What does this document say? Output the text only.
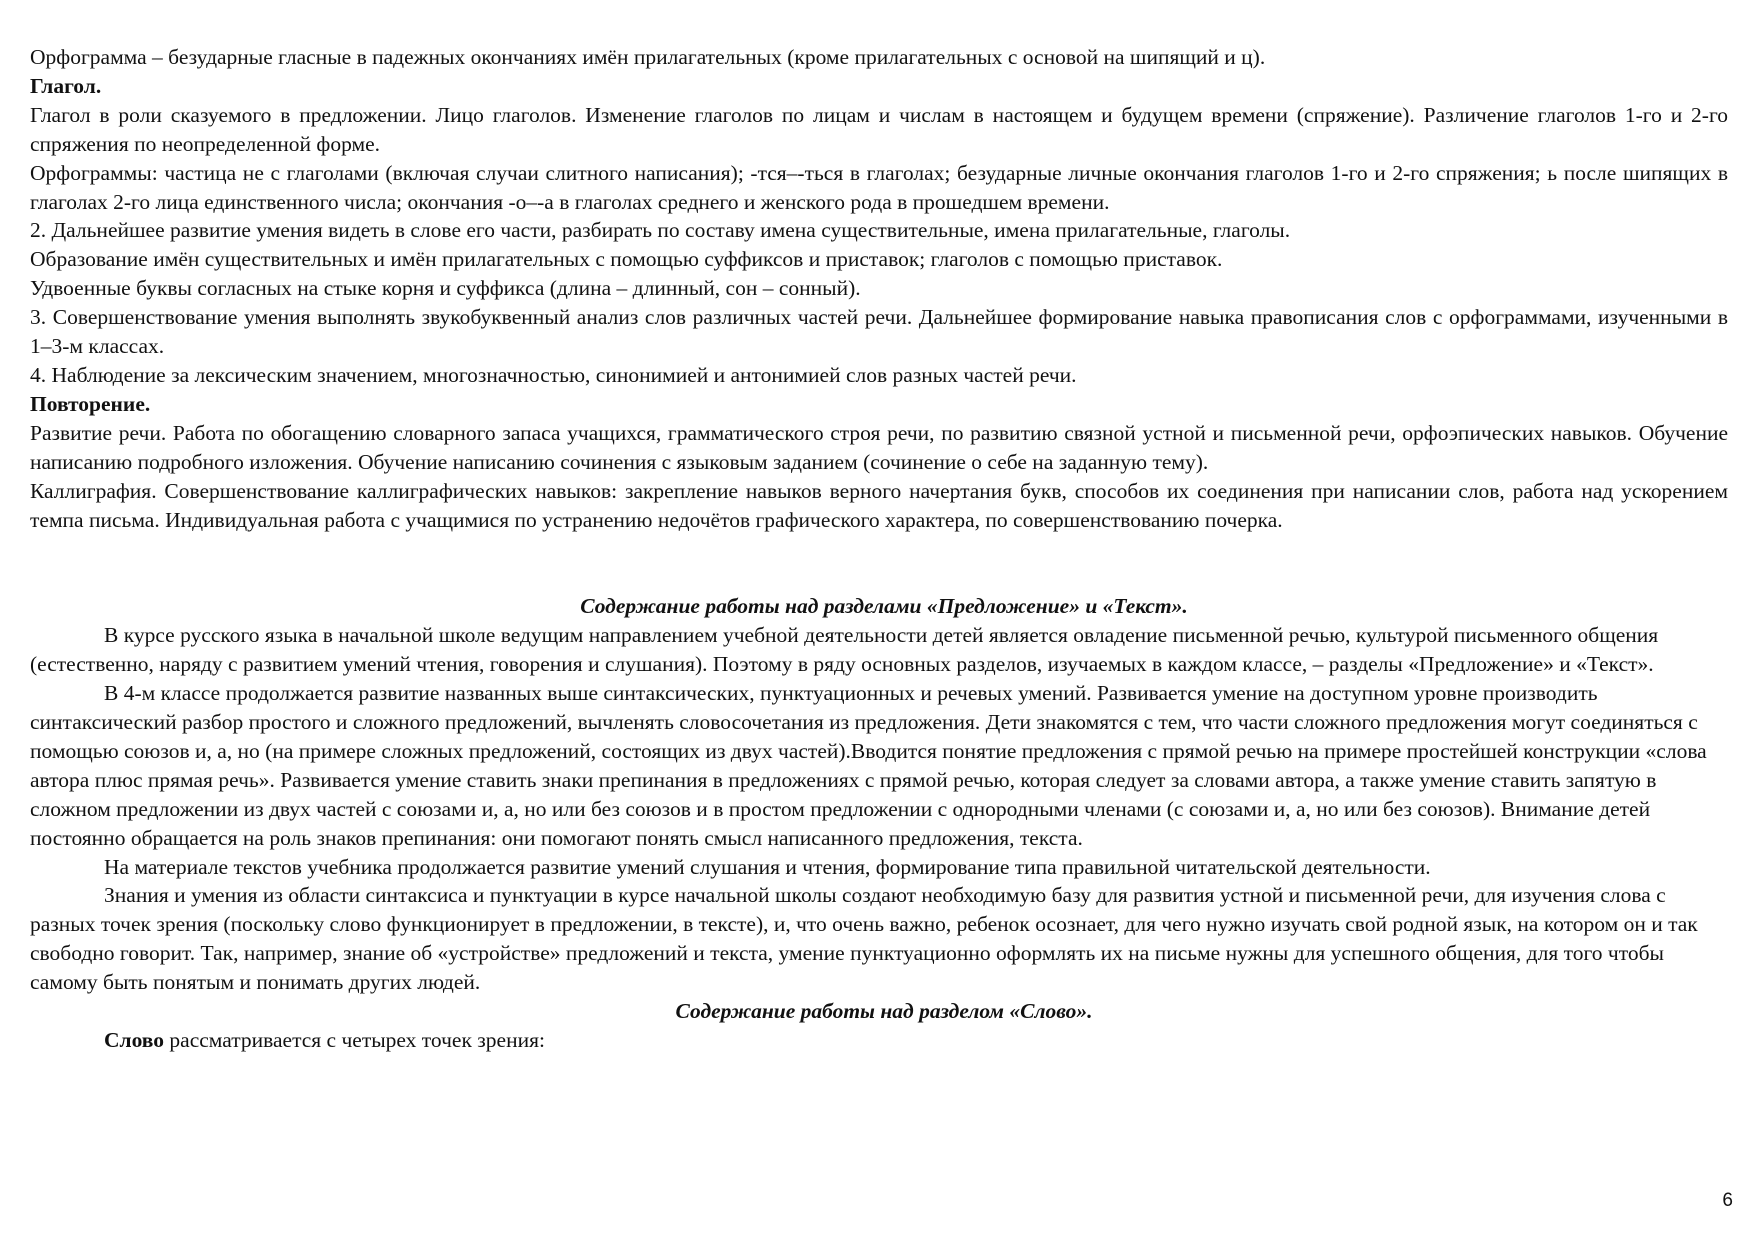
Орфограмма – безударные гласные в падежных окончаниях имён прилагательных (кроме прилагательных с основой на шипящий и ц).

Глагол.

Глагол в роли сказуемого в предложении. Лицо глаголов. Изменение глаголов по лицам и числам в настоящем и будущем времени (спряжение). Различение глаголов 1-го и 2-го спряжения по неопределенной форме.

Орфограммы: частица не с глаголами (включая случаи слитного написания); -тся–-ться в глаголах; безударные личные окончания глаголов 1-го и 2-го спряжения; ь после шипящих в глаголах 2-го лица единственного числа; окончания -о–-а в глаголах среднего и женского рода в прошедшем времени.

2. Дальнейшее развитие умения видеть в слове его части, разбирать по составу имена существительные, имена прилагательные, глаголы.

Образование имён существительных и имён прилагательных с помощью суффиксов и приставок; глаголов с помощью приставок.

Удвоенные буквы согласных на стыке корня и суффикса (длина – длинный, сон – сонный).

3. Совершенствование умения выполнять звукобуквенный анализ слов различных частей речи. Дальнейшее формирование навыка правописания слов с орфограммами, изученными в 1–3-м классах.

4. Наблюдение за лексическим значением, многозначностью, синонимией и антонимией слов разных частей речи.

Повторение.

Развитие речи. Работа по обогащению словарного запаса учащихся, грамматического строя речи, по развитию связной устной и письменной речи, орфоэпических навыков. Обучение написанию подробного изложения. Обучение написанию сочинения с языковым заданием (сочинение о себе на заданную тему).

Каллиграфия. Совершенствование каллиграфических навыков: закрепление навыков верного начертания букв, способов их соединения при написании слов, работа над ускорением темпа письма. Индивидуальная работа с учащимися по устранению недочётов графического характера, по совершенствованию почерка.

Содержание работы над разделами «Предложение» и «Текст».

В курсе русского языка в начальной школе ведущим направлением учебной деятельности детей является овладение письменной речью, культурой письменного общения (естественно, наряду с развитием умений чтения, говорения и слушания). Поэтому в ряду основных разделов, изучаемых в каждом классе, – разделы «Предложение» и «Текст».

В 4-м классе продолжается развитие названных выше синтаксических, пунктуационных и речевых умений. Развивается умение на доступном уровне производить синтаксический разбор простого и сложного предложений, вычленять словосочетания из предложения. Дети знакомятся с тем, что части сложного предложения могут соединяться с помощью союзов и, а, но (на примере сложных предложений, состоящих из двух частей).Вводится понятие предложения с прямой речью на примере простейшей конструкции «слова автора плюс прямая речь». Развивается умение ставить знаки препинания в предложениях с прямой речью, которая следует за словами автора, а также умение ставить запятую в сложном предложении из двух частей с союзами и, а, но или без союзов и в простом предложении с однородными членами (с союзами и, а, но или без союзов). Внимание детей постоянно обращается на роль знаков препинания: они помогают понять смысл написанного предложения, текста.

На материале текстов учебника продолжается развитие умений слушания и чтения, формирование типа правильной читательской деятельности.

Знания и умения из области синтаксиса и пунктуации в курсе начальной школы создают необходимую базу для развития устной и письменной речи, для изучения слова с разных точек зрения (поскольку слово функционирует в предложении, в тексте), и, что очень важно, ребенок осознает, для чего нужно изучать свой родной язык, на котором он и так свободно говорит. Так, например, знание об «устройстве» предложений и текста, умение пунктуационно оформлять их на письме нужны для успешного общения, для того чтобы самому быть понятым и понимать других людей.

Содержание работы над разделом «Слово».

Слово рассматривается с четырех точек зрения:

6
